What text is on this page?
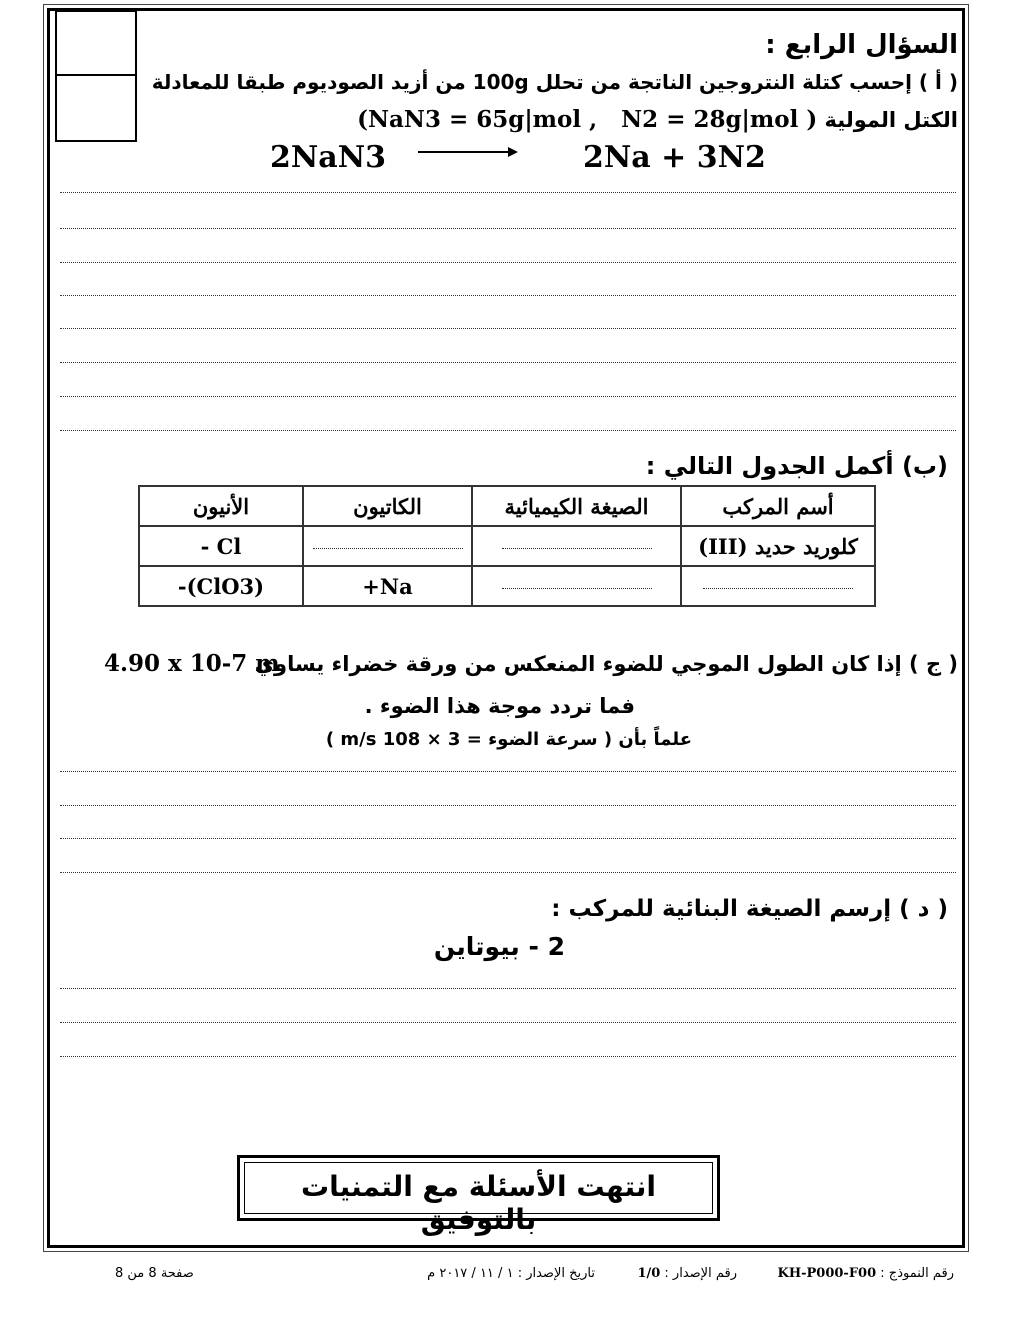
السؤال الرابع :
( أ ) إحسب كتلة النتروجين الناتجة من تحلل 100g من أزيد الصوديوم طبقا للمعادلة
الكتل المولية (NaN3 = 65g|mol , N2 = 28g|mol )
2NaN3	2Na + 3N2
(ب) أكمل الجدول التالي :
أسم المركب	الصيغة الكيميائية	الكاتيون	الأنيون
كلوريد حديد (III)			Cl -
		Na+	(ClO3)-
( ج ) إذا كان الطول الموجي للضوء المنعكس من ورقة خضراء يساوي
4.90 x 10-7 m
فما تردد موجة هذا الضوء .
علماً بأن ( سرعة الضوء = 3 × 108 m/s )
( د ) إرسم الصيغة البنائية للمركب :
2 - بيوتاين
انتهت الأسئلة مع التمنيات بالتوفيق
رقم النموذج : KH-P000-F00
رقم الإصدار : 1/0
تاريخ الإصدار : ١ / ١١ / ٢٠١٧ م
صفحة 8 من 8
